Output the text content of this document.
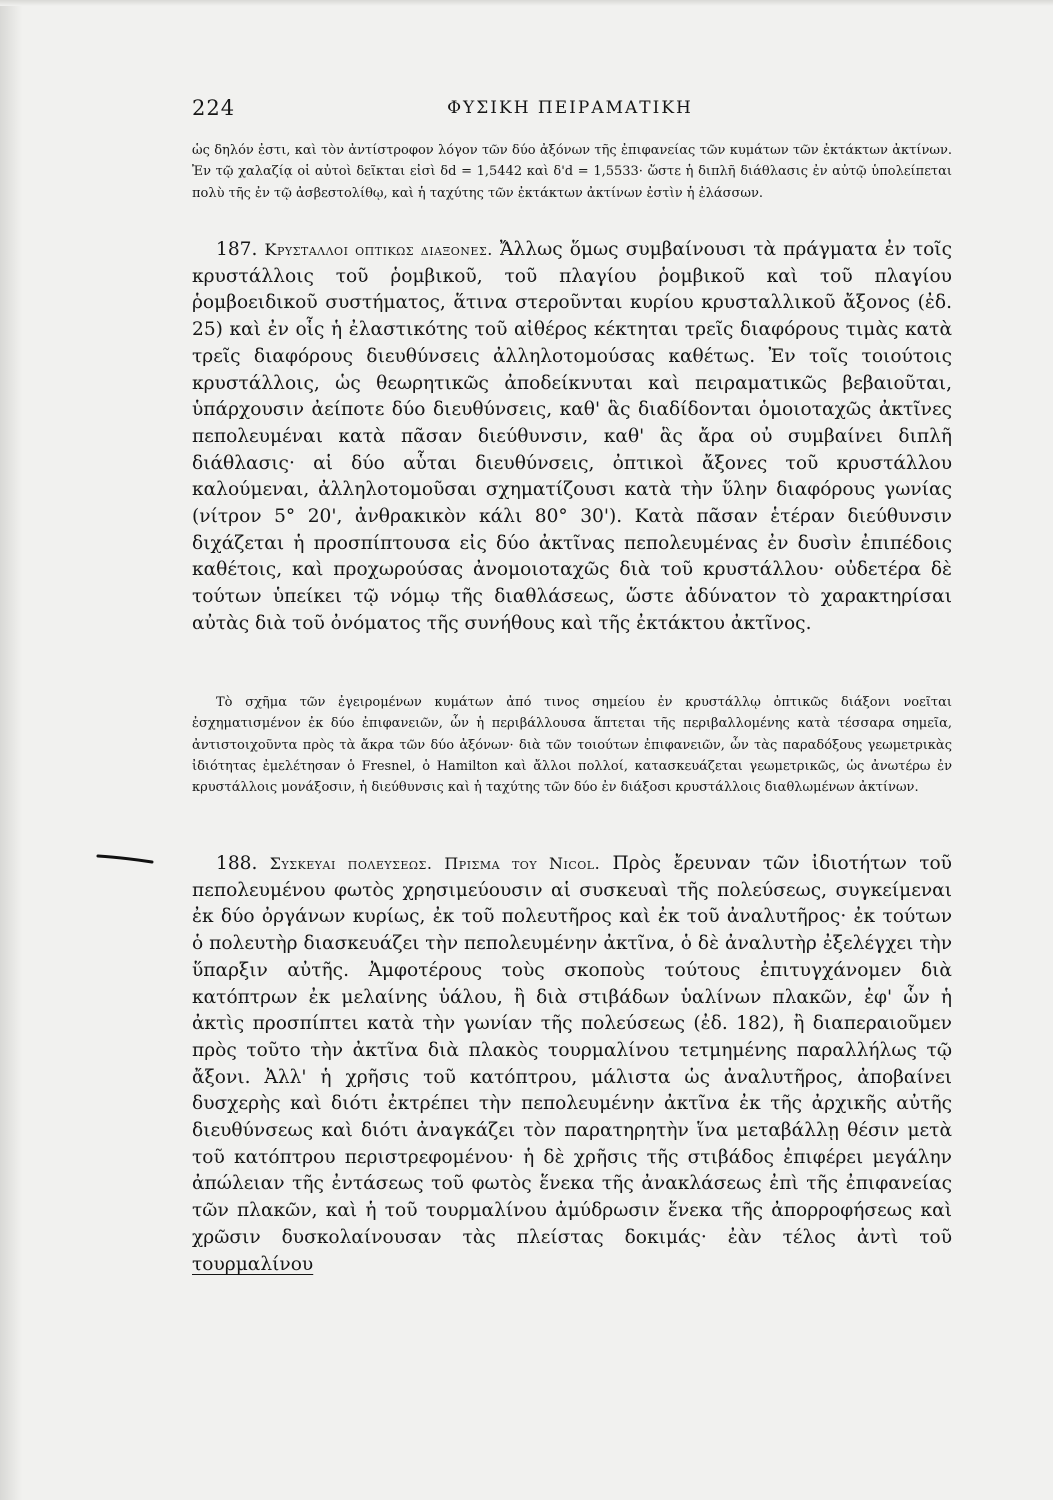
224	ΦΥΣΙΚΗ ΠΕΙΡΑΜΑΤΙΚΗ
ὡς δηλόν ἐστι, καὶ τὸν ἀντίστροφον λόγον τῶν δύο ἀξόνων τῆς ἐπιφανείας τῶν κυμάτων τῶν ἐκτάκτων ἀκτίνων. Ἐν τῷ χαλαζίᾳ οἱ αὐτοὶ δεῖκται εἰσὶ δd = 1,5442 καὶ δ'd = 1,5533· ὥστε ἡ διπλῆ διάθλασις ἐν αὐτῷ ὑπολείπεται πολὺ τῆς ἐν τῷ ἀσβεστολίθῳ, καὶ ἡ ταχύτης τῶν ἐκτάκτων ἀκτίνων ἐστὶν ἡ ἐλάσσων.
187. Κρυσταλλοι οπτικως διαξονες. Ἄλλως ὅμως συμβαίνουσι τὰ πράγματα ἐν τοῖς κρυστάλλοις τοῦ ῥομβικοῦ, τοῦ πλαγίου ῥομβικοῦ καὶ τοῦ πλαγίου ῥομβοειδικοῦ συστήματος, ἅτινα στεροῦνται κυρίου κρυσταλλικοῦ ἄξονος (ἐδ. 25) καὶ ἐν οἷς ἡ ἐλαστικότης τοῦ αἰθέρος κέκτηται τρεῖς διαφόρους τιμὰς κατὰ τρεῖς διαφόρους διευθύνσεις ἀλληλοτομούσας καθέτως. Ἐν τοῖς τοιούτοις κρυστάλλοις, ὡς θεωρητικῶς ἀποδείκνυται καὶ πειραματικῶς βεβαιοῦται, ὑπάρχουσιν ἀείποτε δύο διευθύνσεις, καθ' ἃς διαδίδονται ὁμοιοταχῶς ἀκτῖνες πεπολευμέναι κατὰ πᾶσαν διεύθυνσιν, καθ' ἃς ἄρα οὐ συμβαίνει διπλῆ διάθλασις· αἱ δύο αὗται διευθύνσεις, ὀπτικοὶ ἄξονες τοῦ κρυστάλλου καλούμεναι, ἀλληλοτομοῦσαι σχηματίζουσι κατὰ τὴν ὕλην διαφόρους γωνίας (νίτρον 5° 20', ἀνθρακικὸν κάλι 80° 30'). Κατὰ πᾶσαν ἑτέραν διεύθυνσιν διχάζεται ἡ προσπίπτουσα εἰς δύο ἀκτῖνας πεπολευμένας ἐν δυσὶν ἐπιπέδοις καθέτοις, καὶ προχωρούσας ἀνομοιοταχῶς διὰ τοῦ κρυστάλλου· οὐδετέρα δὲ τούτων ὑπείκει τῷ νόμῳ τῆς διαθλάσεως, ὥστε ἀδύνατον τὸ χαρακτηρίσαι αὐτὰς διὰ τοῦ ὀνόματος τῆς συνήθους καὶ τῆς ἐκτάκτου ἀκτῖνος.
Τὸ σχῆμα τῶν ἐγειρομένων κυμάτων ἀπό τινος σημείου ἐν κρυστάλλῳ ὀπτικῶς διάξονι νοεῖται ἐσχηματισμένον ἐκ δύο ἐπιφανειῶν, ὧν ἡ περιβάλλουσα ἅπτεται τῆς περιβαλλομένης κατὰ τέσσαρα σημεῖα, ἀντιστοιχοῦντα πρὸς τὰ ἄκρα τῶν δύο ἀξόνων· διὰ τῶν τοιούτων ἐπιφανειῶν, ὧν τὰς παραδόξους γεωμετρικὰς ἰδιότητας ἐμελέτησαν ὁ Fresnel, ὁ Hamilton καὶ ἄλλοι πολλοί, κατασκευάζεται γεωμετρικῶς, ὡς ἀνωτέρω ἐν κρυστάλλοις μονάξοσιν, ἡ διεύθυνσις καὶ ἡ ταχύτης τῶν δύο ἐν διάξοσι κρυστάλλοις διαθλωμένων ἀκτίνων.
188. Συσκευαι πολευσεως. Πρισμα του Nicol. Πρὸς ἔρευναν τῶν ἰδιοτήτων τοῦ πεπολευμένου φωτὸς χρησιμεύουσιν αἱ συσκευαὶ τῆς πολεύσεως, συγκείμεναι ἐκ δύο ὀργάνων κυρίως, ἐκ τοῦ πολευτῆρος καὶ ἐκ τοῦ ἀναλυτῆρος· ἐκ τούτων ὁ πολευτὴρ διασκευάζει τὴν πεπολευμένην ἀκτῖνα, ὁ δὲ ἀναλυτὴρ ἐξελέγχει τὴν ὕπαρξιν αὐτῆς. Ἀμφοτέρους τοὺς σκοποὺς τούτους ἐπιτυγχάνομεν διὰ κατόπτρων ἐκ μελαίνης ὑάλου, ἢ διὰ στιβάδων ὑαλίνων πλακῶν, ἐφ' ὧν ἡ ἀκτὶς προσπίπτει κατὰ τὴν γωνίαν τῆς πολεύσεως (ἐδ. 182), ἢ διαπεραιοῦμεν πρὸς τοῦτο τὴν ἀκτῖνα διὰ πλακὸς τουρμαλίνου τετμημένης παραλλήλως τῷ ἄξονι. Ἀλλ' ἡ χρῆσις τοῦ κατόπτρου, μάλιστα ὡς ἀναλυτῆρος, ἀποβαίνει δυσχερὴς καὶ διότι ἐκτρέπει τὴν πεπολευμένην ἀκτῖνα ἐκ τῆς ἀρχικῆς αὐτῆς διευθύνσεως καὶ διότι ἀναγκάζει τὸν παρατηρητὴν ἵνα μεταβάλλῃ θέσιν μετὰ τοῦ κατόπτρου περιστρεφομένου· ἡ δὲ χρῆσις τῆς στιβάδος ἐπιφέρει μεγάλην ἀπώλειαν τῆς ἐντάσεως τοῦ φωτὸς ἕνεκα τῆς ἀνακλάσεως ἐπὶ τῆς ἐπιφανείας τῶν πλακῶν, καὶ ἡ τοῦ τουρμαλίνου ἀμύδρωσιν ἕνεκα τῆς ἀπορροφήσεως καὶ χρῶσιν δυσκολαίνουσαν τὰς πλείστας δοκιμάς· ἐὰν τέλος ἀντὶ τοῦ τουρμαλίνου
